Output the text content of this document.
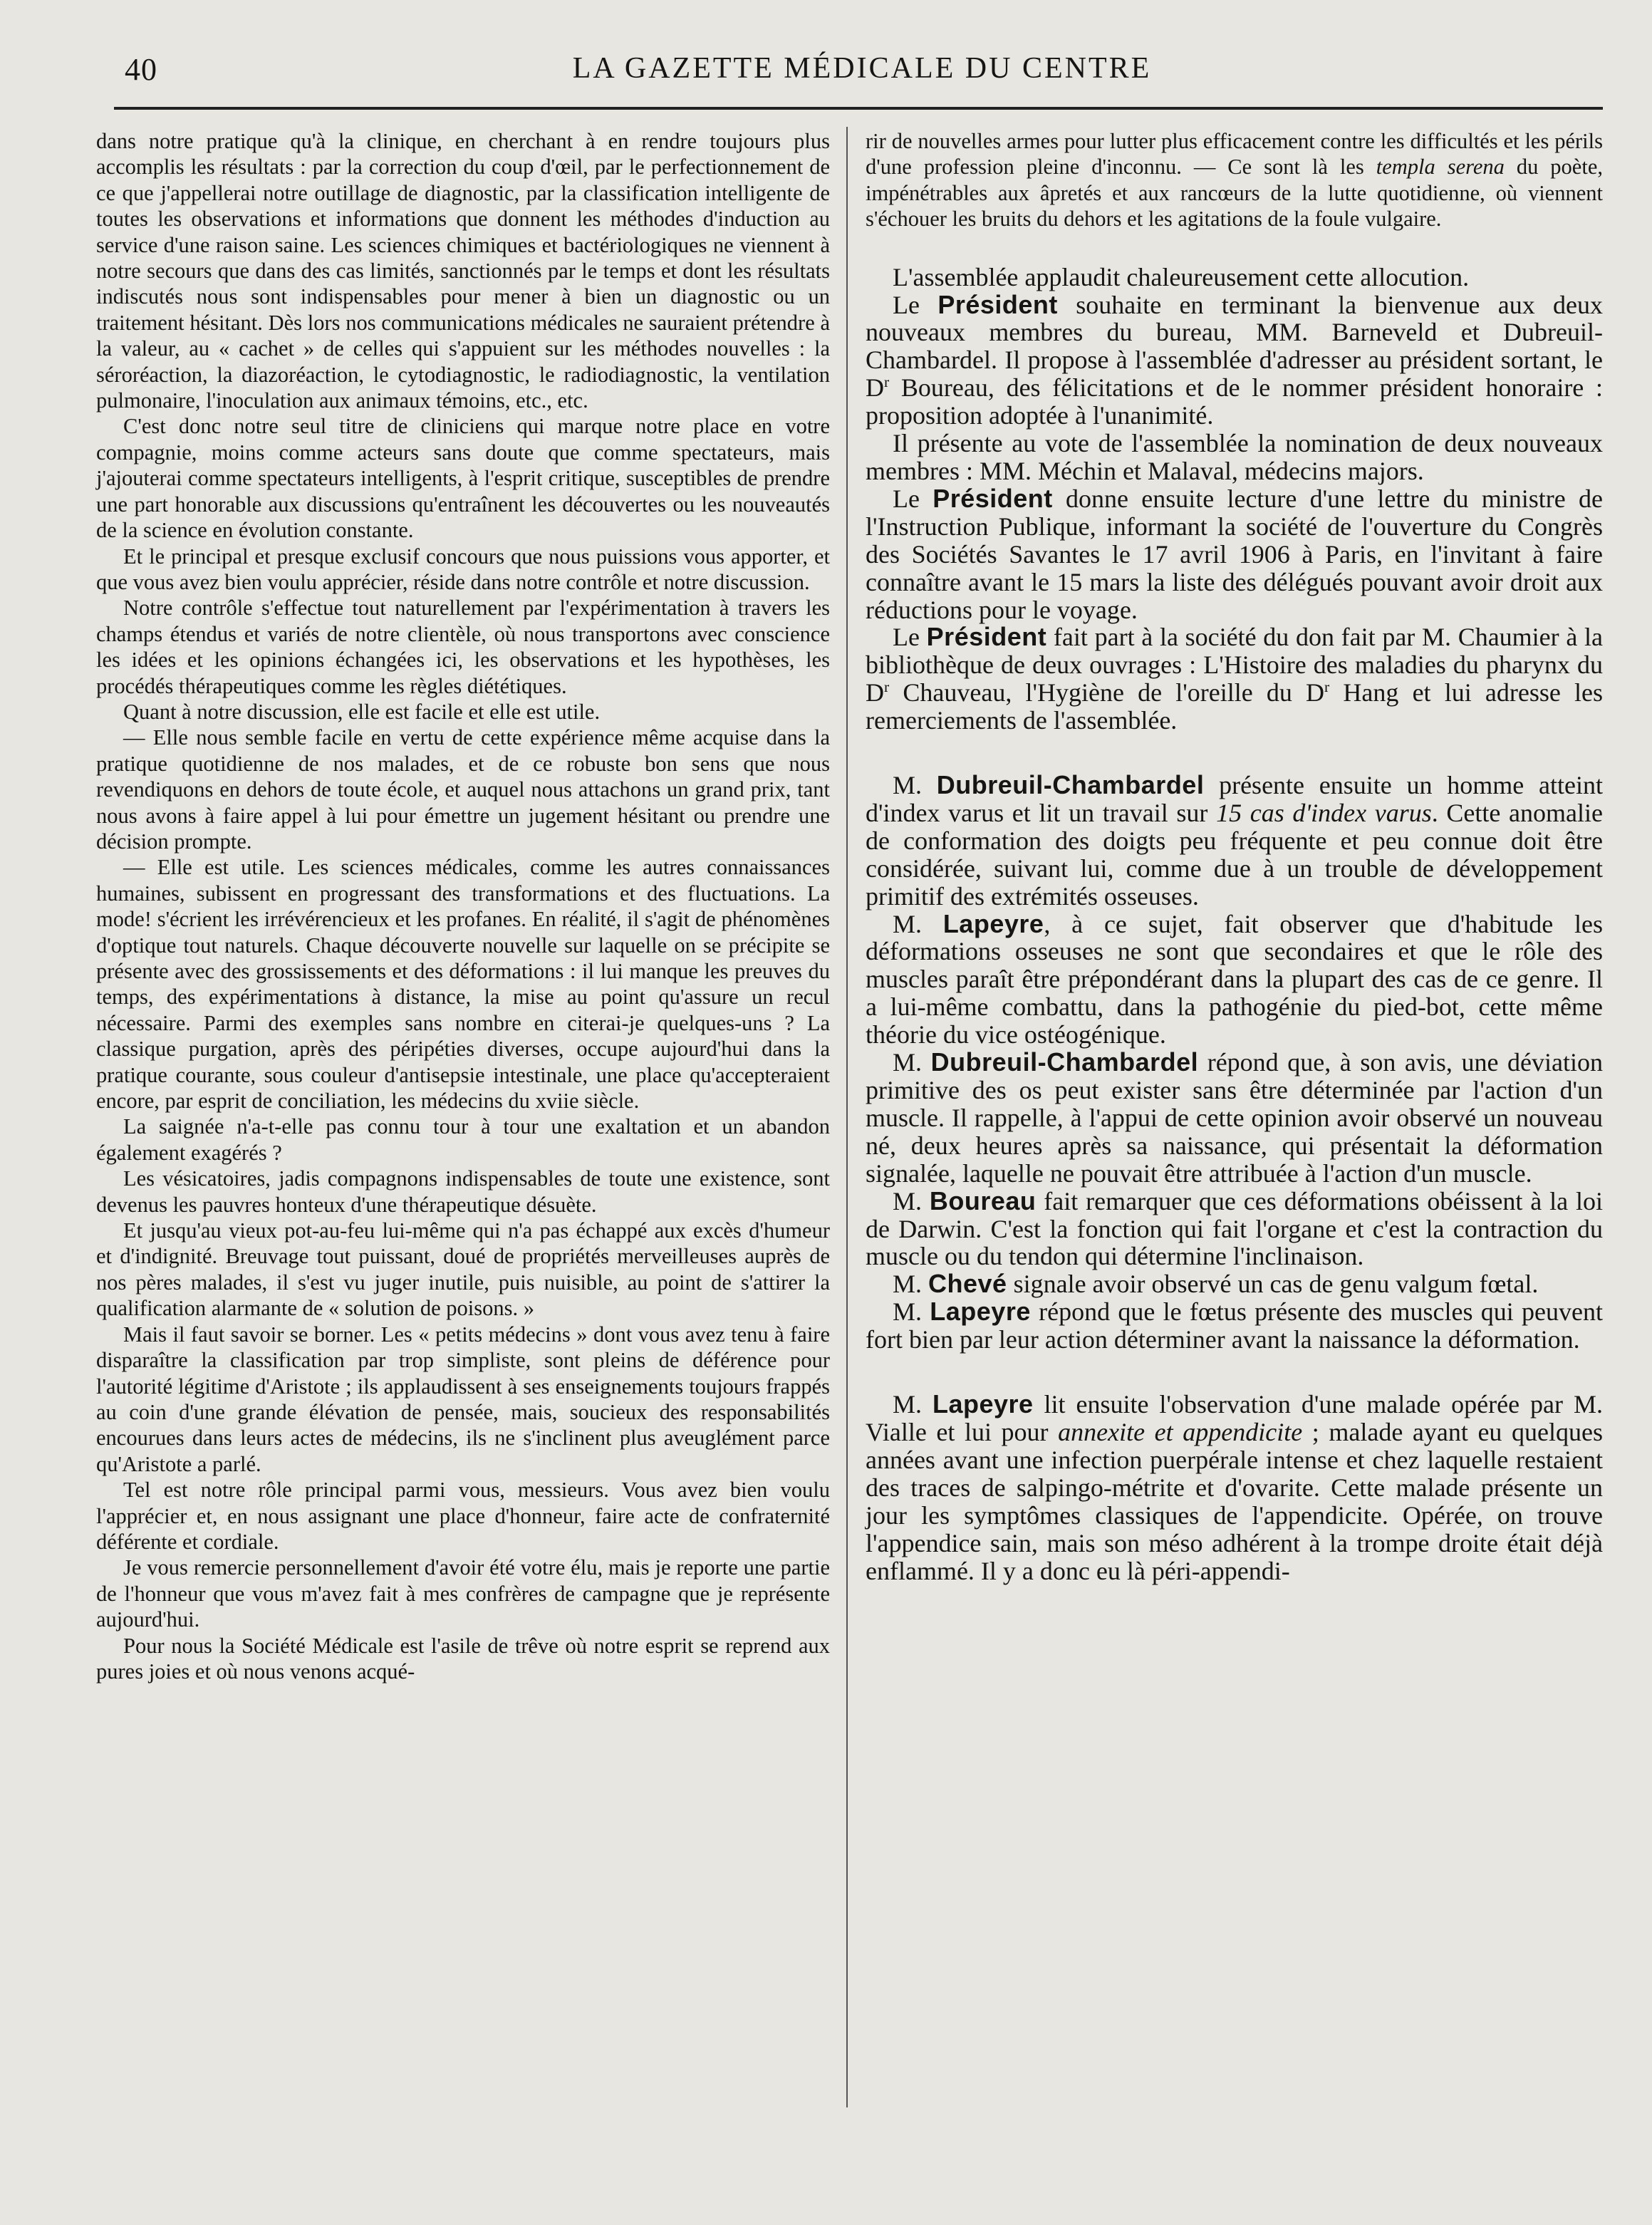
40	LA GAZETTE MÉDICALE DU CENTRE

dans notre pratique qu'à la clinique, en cherchant à en rendre toujours plus accomplis les résultats : par la correction du coup d'œil, par le perfectionnement de ce que j'appellerai notre outillage de diagnostic, par la classification intelligente de toutes les observations et informations que donnent les méthodes d'induction au service d'une raison saine. Les sciences chimiques et bactériologiques ne viennent à notre secours que dans des cas limités, sanctionnés par le temps et dont les résultats indiscutés nous sont indispensables pour mener à bien un diagnostic ou un traitement hésitant. Dès lors nos communications médicales ne sauraient prétendre à la valeur, au « cachet » de celles qui s'appuient sur les méthodes nouvelles : la séroréaction, la diazoréaction, le cytodiagnostic, le radiodiagnostic, la ventilation pulmonaire, l'inoculation aux animaux témoins, etc., etc.

C'est donc notre seul titre de cliniciens qui marque notre place en votre compagnie, moins comme acteurs sans doute que comme spectateurs, mais j'ajouterai comme spectateurs intelligents, à l'esprit critique, susceptibles de prendre une part honorable aux discussions qu'entraînent les découvertes ou les nouveautés de la science en évolution constante.

Et le principal et presque exclusif concours que nous puissions vous apporter, et que vous avez bien voulu apprécier, réside dans notre contrôle et notre discussion.

Notre contrôle s'effectue tout naturellement par l'expérimentation à travers les champs étendus et variés de notre clientèle, où nous transportons avec conscience les idées et les opinions échangées ici, les observations et les hypothèses, les procédés thérapeutiques comme les règles diététiques.

Quant à notre discussion, elle est facile et elle est utile.

— Elle nous semble facile en vertu de cette expérience même acquise dans la pratique quotidienne de nos malades, et de ce robuste bon sens que nous revendiquons en dehors de toute école, et auquel nous attachons un grand prix, tant nous avons à faire appel à lui pour émettre un jugement hésitant ou prendre une décision prompte.

— Elle est utile. Les sciences médicales, comme les autres connaissances humaines, subissent en progressant des transformations et des fluctuations. La mode! s'écrient les irrévérencieux et les profanes. En réalité, il s'agit de phénomènes d'optique tout naturels. Chaque découverte nouvelle sur laquelle on se précipite se présente avec des grossissements et des déformations : il lui manque les preuves du temps, des expérimentations à distance, la mise au point qu'assure un recul nécessaire. Parmi des exemples sans nombre en citerai-je quelques-uns ? La classique purgation, après des péripéties diverses, occupe aujourd'hui dans la pratique courante, sous couleur d'antisepsie intestinale, une place qu'accepteraient encore, par esprit de conciliation, les médecins du xviie siècle.

La saignée n'a-t-elle pas connu tour à tour une exaltation et un abandon également exagérés ?

Les vésicatoires, jadis compagnons indispensables de toute une existence, sont devenus les pauvres honteux d'une thérapeutique désuète.

Et jusqu'au vieux pot-au-feu lui-même qui n'a pas échappé aux excès d'humeur et d'indignité. Breuvage tout puissant, doué de propriétés merveilleuses auprès de nos pères malades, il s'est vu juger inutile, puis nuisible, au point de s'attirer la qualification alarmante de « solution de poisons. »

Mais il faut savoir se borner. Les « petits médecins » dont vous avez tenu à faire disparaître la classification par trop simpliste, sont pleins de déférence pour l'autorité légitime d'Aristote ; ils applaudissent à ses enseignements toujours frappés au coin d'une grande élévation de pensée, mais, soucieux des responsabilités encourues dans leurs actes de médecins, ils ne s'inclinent plus aveuglément parce qu'Aristote a parlé.

Tel est notre rôle principal parmi vous, messieurs. Vous avez bien voulu l'apprécier et, en nous assignant une place d'honneur, faire acte de confraternité déférente et cordiale.

Je vous remercie personnellement d'avoir été votre élu, mais je reporte une partie de l'honneur que vous m'avez fait à mes confrères de campagne que je représente aujourd'hui.

Pour nous la Société Médicale est l'asile de trêve où notre esprit se reprend aux pures joies et où nous venons acqué-

rir de nouvelles armes pour lutter plus efficacement contre les difficultés et les périls d'une profession pleine d'inconnu. — Ce sont là les templa serena du poète, impénétrables aux âpretés et aux rancœurs de la lutte quotidienne, où viennent s'échouer les bruits du dehors et les agitations de la foule vulgaire.

L'assemblée applaudit chaleureusement cette allocution.

Le Président souhaite en terminant la bienvenue aux deux nouveaux membres du bureau, MM. Barneveld et Dubreuil-Chambardel. Il propose à l'assemblée d'adresser au président sortant, le $D^r$ Boureau, des félicitations et de le nommer président honoraire : proposition adoptée à l'unanimité.

Il présente au vote de l'assemblée la nomination de deux nouveaux membres : MM. Méchin et Malaval, médecins majors.

Le Président donne ensuite lecture d'une lettre du ministre de l'Instruction Publique, informant la société de l'ouverture du Congrès des Sociétés Savantes le 17 avril 1906 à Paris, en l'invitant à faire connaître avant le 15 mars la liste des délégués pouvant avoir droit aux réductions pour le voyage.

Le Président fait part à la société du don fait par M. Chaumier à la bibliothèque de deux ouvrages : L'Histoire des maladies du pharynx du $D^r$ Chauveau, l'Hygiène de l'oreille du $D^r$ Hang et lui adresse les remerciements de l'assemblée.

M. Dubreuil-Chambardel présente ensuite un homme atteint d'index varus et lit un travail sur 15 cas d'index varus. Cette anomalie de conformation des doigts peu fréquente et peu connue doit être considérée, suivant lui, comme due à un trouble de développement primitif des extrémités osseuses.

M. Lapeyre, à ce sujet, fait observer que d'habitude les déformations osseuses ne sont que secondaires et que le rôle des muscles paraît être prépondérant dans la plupart des cas de ce genre. Il a lui-même combattu, dans la pathogénie du pied-bot, cette même théorie du vice ostéogénique.

M. Dubreuil-Chambardel répond que, à son avis, une déviation primitive des os peut exister sans être déterminée par l'action d'un muscle. Il rappelle, à l'appui de cette opinion avoir observé un nouveau né, deux heures après sa naissance, qui présentait la déformation signalée, laquelle ne pouvait être attribuée à l'action d'un muscle.

M. Boureau fait remarquer que ces déformations obéissent à la loi de Darwin. C'est la fonction qui fait l'organe et c'est la contraction du muscle ou du tendon qui détermine l'inclinaison.

M. Chevé signale avoir observé un cas de genu valgum fœtal.

M. Lapeyre répond que le fœtus présente des muscles qui peuvent fort bien par leur action déterminer avant la naissance la déformation.

M. Lapeyre lit ensuite l'observation d'une malade opérée par M. Vialle et lui pour annexite et appendicite ; malade ayant eu quelques années avant une infection puerpérale intense et chez laquelle restaient des traces de salpingo-métrite et d'ovarite. Cette malade présente un jour les symptômes classiques de l'appendicite. Opérée, on trouve l'appendice sain, mais son méso adhérent à la trompe droite était déjà enflammé. Il y a donc eu là péri-appendi-
